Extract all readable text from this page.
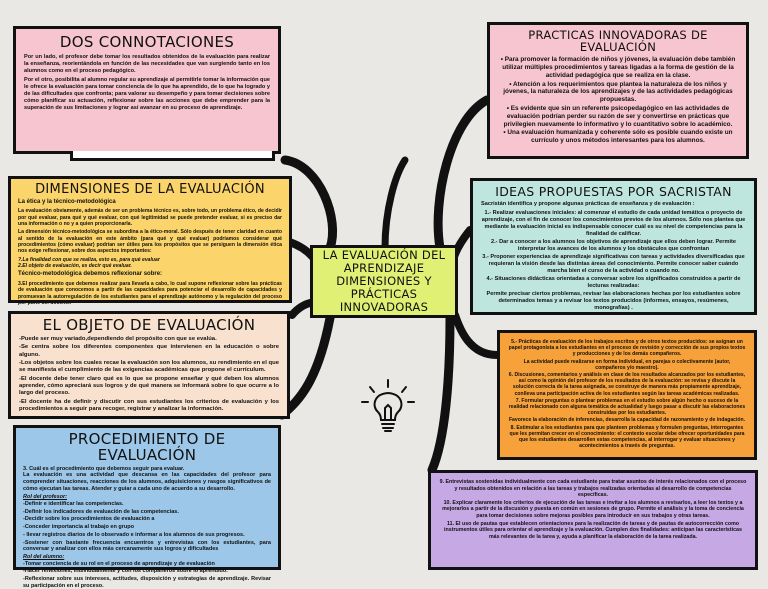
DOS CONNOTACIONES

Por un lado, el profesor debe tomar los resultados obtenidos de la evaluación para realizar la enseñanza, reorientándola en función de las necesidades que van surgiendo tanto en los alumnos como en el proceso pedagógico.

Por el otro, posibilita al alumno regular su aprendizaje al permitirle tomar la información que le ofrece la evaluación para tomar conciencia de lo que ha aprendido, de lo que ha logrado y de las dificultades que confronta; para valorar su desempeño y para tomar decisiones sobre cómo planificar su actuación, reflexionar sobre las acciones que debe emprender para la superación de sus limitaciones y lograr así avanzar en su proceso de aprendizaje.

DIMENSIONES DE LA EVALUACIÓN

La ética y la técnico-metodológica

La evaluación obviamente, además de ser un problema técnico es, sobre todo, un problema ético, de decidir por qué evaluar, para qué y qué evaluar, con qué legitimidad se puede pretender evaluar, si es preciso dar una información o no y a quien proporcionarla.

La dimensión técnico-metodológica se subordina a la ético-moral. Sólo después de tener claridad en cuanto al sentido de la evaluación en este ámbito (para qué y qué evaluar) podríamos considerar qué procedimientos (cómo evaluar) podrían ser útiles para los propósitos que se persiguen la dimensión ética nos exige reflexionar, sobre dos aspectos importantes:

?.La finalidad con que se realiza, esto es, para qué evaluar

2.El objeto de evaluación, es decir qué evaluar.

Técnico-metodológica debemos reflexionar sobre:

3.El procedimiento que debemos realizar para llevarla a cabo, lo cual supone reflexionar sobre las prácticas de evaluación que conocemos a partir de las capacidades para potenciar el desarrollo de capacidades y promuevan la autorregulación de los estudiantes para el aprendizaje autónomo y la regulación del proceso por parte del docente.

EL OBJETO DE EVALUACIÓN
-Puede ser muy variado,dependiendo del propósito con que se evalúa.
-Se centra sobre los diferentes componentes que intervienen en la educación o sobre alguno.
-Los objetos sobre los cuales recae la evaluación son los alumnos, su rendimiento en el que se manifiesta el cumplimiento de las exigencias académicas que propone el currículum.
-El docente debe tener claro qué es lo que se propone enseñar y qué deben los alumnos aprender, cómo apreciará sus logros y de qué manera se informará sobre lo que ocurre a lo largo del proceso.
-El docente ha de definir y discutir con sus estudiantes los criterios de evaluación y los procedimientos a seguir para recoger, registrar y analizar la información.
PROCEDIMIENTO DE EVALUACIÓN

3. Cuál es el procedimiento que debemos seguir para evaluar.

La evaluación es una actividad que descansa en las capacidades del profesor para comprender situaciones, reacciones de los alumnos, adquisiciones y rasgos significativos de cómo ejecutan las tareas. Atender y guiar a cada uno de acuerdo a su desarrollo.

Rol del profesor:
-Definir e identificar las competencias.
-Definir los indicadores de evaluación de las competencias.
-Decidir sobre los procedimientos de evaluación a
-Conceder importancia al trabajo en grupo
- llevar registros diarios de lo observado e informar a los alumnos de sus progresos.
-Sostener con bastante frecuencia encuentros y entrevistas con los estudiantes, para conversar y analizar con ellos más cercanamente sus logros y dificultades
Rol del alumno:
-Tomar conciencia de su rol en el proceso de aprendizaje y de evaluación
-Hacer reflexiones, individualmente y con los compañeros sobre lo aprendido.
-Reflexionar sobre sus intereses, actitudes, disposición y estrategias de aprendizaje. Revisar su participación en el proceso.
LA EVALUACIÓN DEL APRENDIZAJE DIMENSIONES Y PRÁCTICAS INNOVADORAS
PRACTICAS INNOVADORAS DE EVALUACIÓN
• Para promover la formación de niños y jóvenes, la evaluación debe también utilizar múltiples procedimientos y tareas ligadas a la forma de gestión de la actividad pedagógica que se realiza en la clase.
• Atención a los requerimientos que plantea la naturaleza de los niños y jóvenes, la naturaleza de los aprendizajes y de las actividades pedagógicas propuestas.
• Es evidente que sin un referente psicopedagógico en las actividades de evaluación podrían perder su razón de ser y convertirse en prácticas que privilegien nuevamente lo informativo y lo cuantitativo sobre lo académico.
• Una evaluación humanizada y coherente sólo es posible cuando existe un currículo y unos métodos interesantes para los alumnos.
IDEAS PROPUESTAS POR SACRISTAN

Sacristán identifica y propone algunas prácticas de enseñanza y de evaluación :

1.- Realizar evaluaciones iniciales: al comenzar el estudio de cada unidad temática o proyecto de aprendizaje, con el fin de conocer los conocimientos previos de los alumnos. Sólo nos plantea que mediante la evaluación inicial es indispensable conocer cuál es su nivel de competencias para la finalidad de calificar.
2.- Dar a conocer a los alumnos los objetivos de aprendizaje que ellos deben lograr. Permite interpretar los avances de los alumnos y los obstáculos que confrontan
3.- Proponer experiencias de aprendizaje significativas con tareas y actividades diversificadas que requieran la visión desde las distintas áreas del conocimiento. Permite conocer saber cuándo marcha bien el curso de la actividad o cuando no.
4.- Situaciones didácticas orientadas a conversar sobre los significados construidos a partir de lecturas realizadas:
Permite precisar ciertos problemas, revisar las elaboraciones hechas por los estudiantes sobre determinados temas y a revisar los textos producidos (informes, ensayos, resúmenes, monografías) .
5.- Prácticas de evaluación de los trabajos escritos y de otros textos producidos: se asignan un papel protagonista a los estudiantes en el proceso de revisión y corrección de sus propios textos y producciones y de los demás compañeros.
La actividad puede realizarse en forma individual, en parejas o colectivamente (autor, compañeros y/o maestro).
6. Discusiones, comentarios y análisis en clase de los resultados alcanzados por los estudiantes, así como la opinión del profesor de los resultados de la evaluación: se revisa y discute la solución correcta de la tarea asignada, se construye de manera más propiamente aprendizaje, conlleva una participación activa de los estudiantes según las tareas académicas realizadas.
7. Formular preguntas o plantear problemas en el estudio sobre algún hecho o suceso de la realidad relacionado con alguna temática de actualidad y luego pasar a discutir las elaboraciones construidas por los estudiantes.
Favorece la elaboración de inferencias, desarrolla la capacidad de razonamiento y de indagación.
8. Estimular a los estudiantes para que planteen problemas y formulen preguntas, interrogantes que les permitan crecer en el conocimiento: el contexto escolar debe ofrecer oportunidades para que los estudiantes desarrollen estas competencias, al interrogar y evaluar situaciones y acontecimientos a través de preguntas.
9. Entrevistas sostenidas individualmente con cada estudiante para tratar asuntos de interés relacionados con el proceso y resultados obtenidos en relación a las tareas y trabajos realizadas orientadas al desarrollo de competencias específicas.
10. Explicar claramente los criterios de ejecución de las tareas e invitar a los alumnos a revisarlos, a leer los textos y a mejorarlos a partir de la discusión y puesta en común en sesiones de grupo. Permite el análisis y la toma de conciencia para tomar decisiones sobre mejoras posibles para introducir en sus trabajos y otras tareas.
11. El uso de pautas que establecen orientaciones para la realización de tareas y de pautas de autocorrección como instrumentos útiles para orientar el aprendizaje y la evaluación. Cumplen dos finalidades: anticipan las características más relevantes de la tarea y, ayuda a planificar la elaboración de la tarea realizada.
